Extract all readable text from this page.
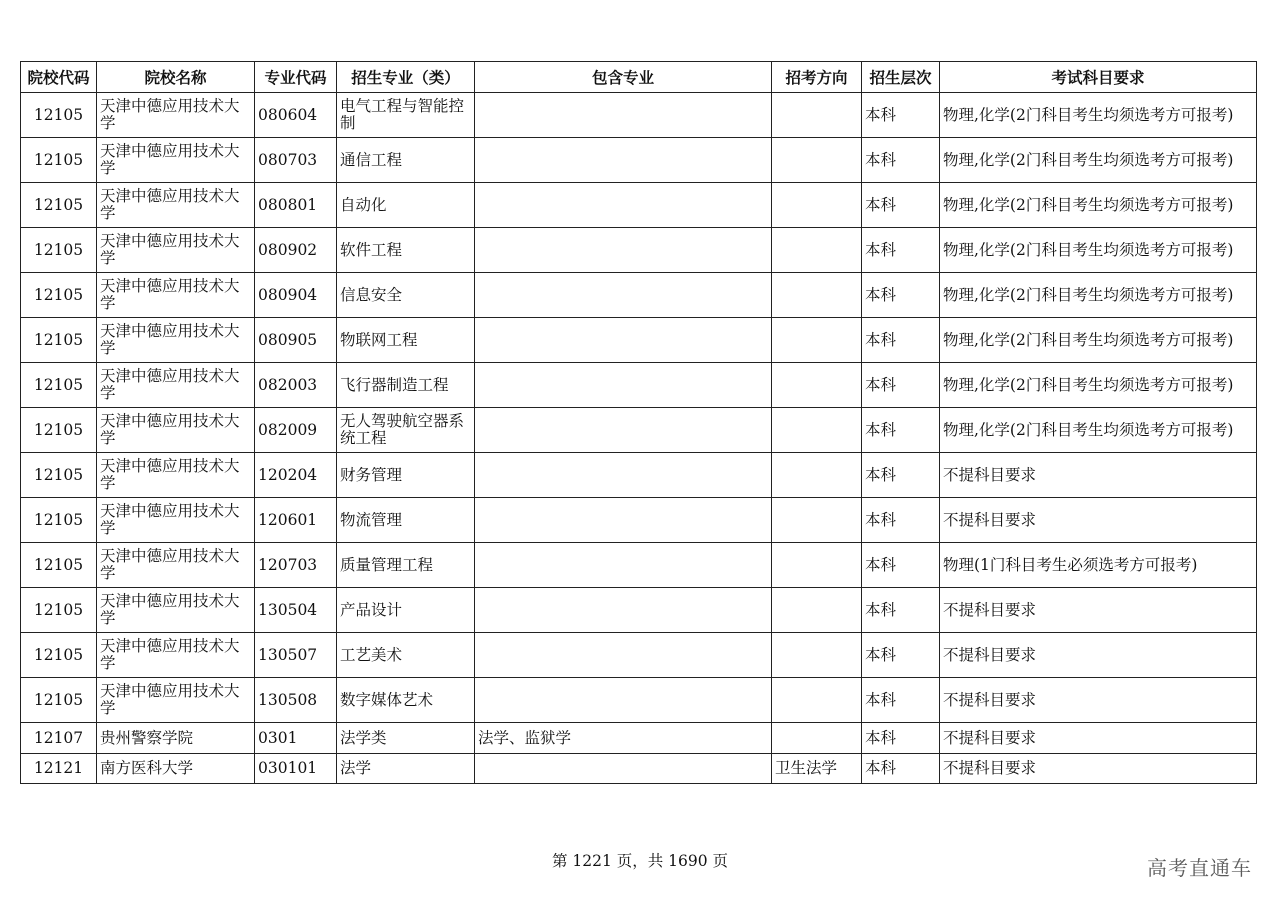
院校代码	院校名称	专业代码	招生专业（类）	包含专业	招考方向	招生层次	考试科目要求
12105	天津中德应用技术大学	080604	电气工程与智能控制			本科	物理,化学(2门科目考生均须选考方可报考)
12105	天津中德应用技术大学	080703	通信工程			本科	物理,化学(2门科目考生均须选考方可报考)
12105	天津中德应用技术大学	080801	自动化			本科	物理,化学(2门科目考生均须选考方可报考)
12105	天津中德应用技术大学	080902	软件工程			本科	物理,化学(2门科目考生均须选考方可报考)
12105	天津中德应用技术大学	080904	信息安全			本科	物理,化学(2门科目考生均须选考方可报考)
12105	天津中德应用技术大学	080905	物联网工程			本科	物理,化学(2门科目考生均须选考方可报考)
12105	天津中德应用技术大学	082003	飞行器制造工程			本科	物理,化学(2门科目考生均须选考方可报考)
12105	天津中德应用技术大学	082009	无人驾驶航空器系统工程			本科	物理,化学(2门科目考生均须选考方可报考)
12105	天津中德应用技术大学	120204	财务管理			本科	不提科目要求
12105	天津中德应用技术大学	120601	物流管理			本科	不提科目要求
12105	天津中德应用技术大学	120703	质量管理工程			本科	物理(1门科目考生必须选考方可报考)
12105	天津中德应用技术大学	130504	产品设计			本科	不提科目要求
12105	天津中德应用技术大学	130507	工艺美术			本科	不提科目要求
12105	天津中德应用技术大学	130508	数字媒体艺术			本科	不提科目要求
12107	贵州警察学院	0301	法学类	法学、监狱学		本科	不提科目要求
12121	南方医科大学	030101	法学		卫生法学	本科	不提科目要求
第 1221 页，共 1690 页	高考直通车
